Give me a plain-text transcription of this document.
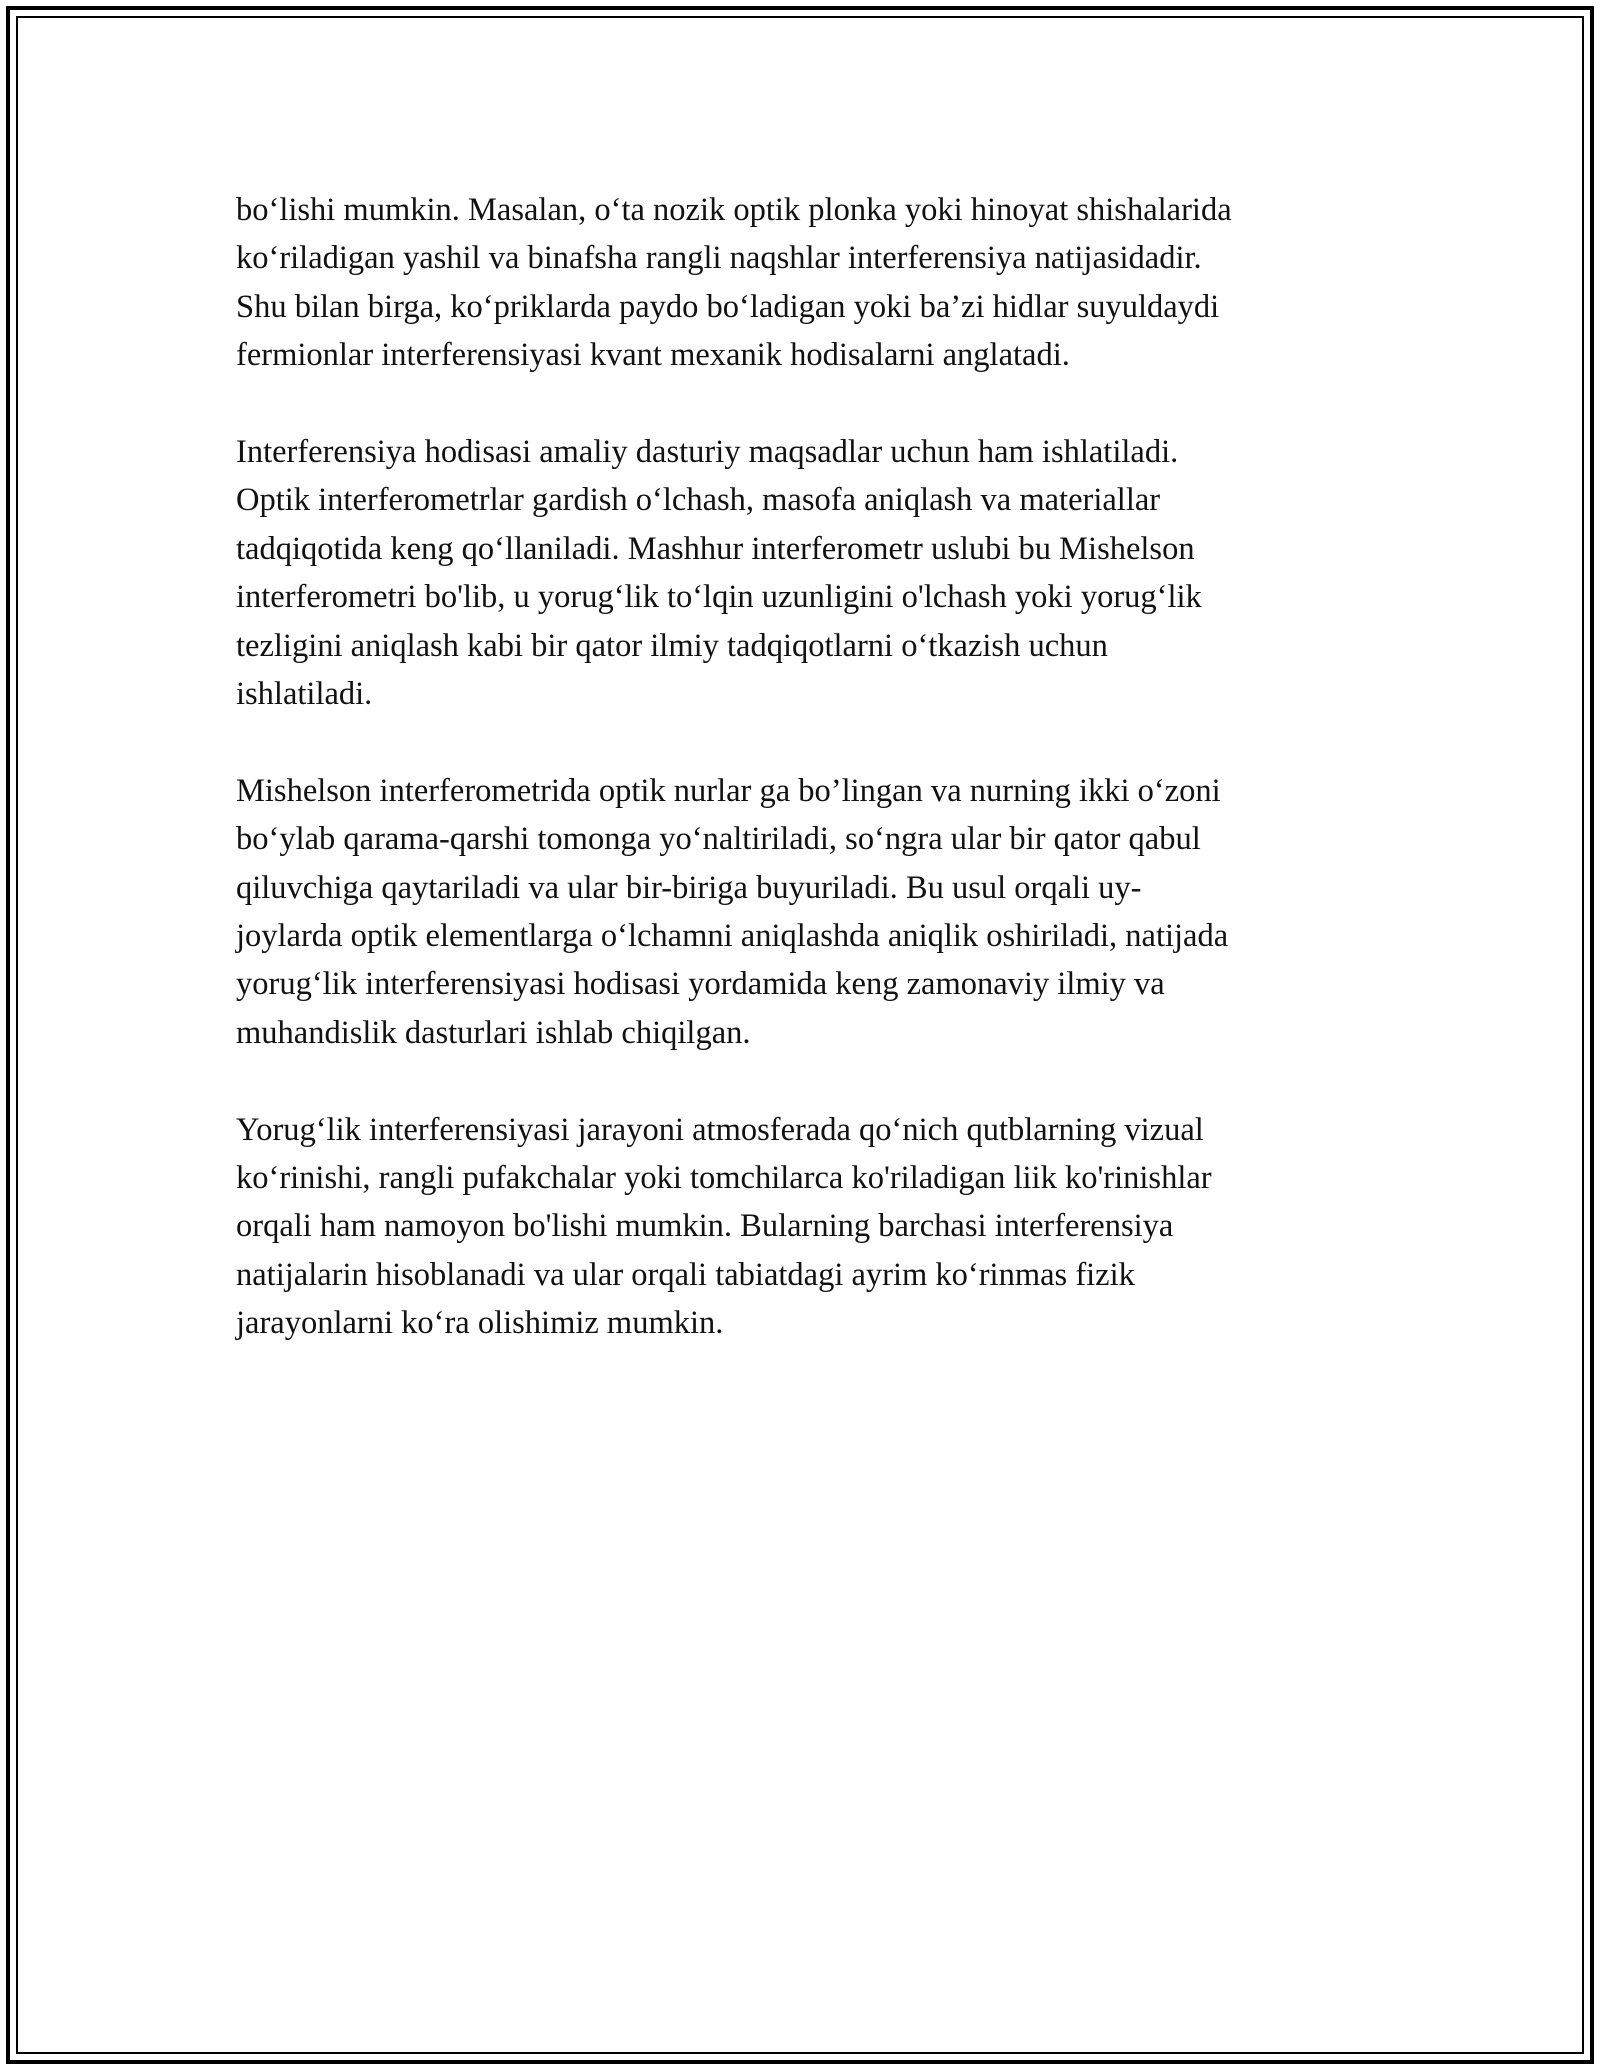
bo‘lishi mumkin. Masalan, o‘ta nozik optik plonka yoki hinoyat shishalarida
ko‘riladigan yashil va binafsha rangli naqshlar interferensiya natijasidadir.
Shu bilan birga, ko‘priklarda paydo bo‘ladigan yoki ba’zi hidlar suyuldaydi
fermionlar interferensiyasi kvant mexanik hodisalarni anglatadi.
Interferensiya hodisasi amaliy dasturiy maqsadlar uchun ham ishlatiladi.
Optik interferometrlar gardish o‘lchash, masofa aniqlash va materiallar
tadqiqotida keng qo‘llaniladi. Mashhur interferometr uslubi bu Mishelson
interferometri bo'lib, u yorug‘lik to‘lqin uzunligini o'lchash yoki yorug‘lik
tezligini aniqlash kabi bir qator ilmiy tadqiqotlarni o‘tkazish uchun
ishlatiladi.
Mishelson interferometrida optik nurlar ga bo’lingan va nurning ikki o‘zoni
bo‘ylab qarama-qarshi tomonga yo‘naltiriladi, so‘ngra ular bir qator qabul
qiluvchiga qaytariladi va ular bir-biriga buyuriladi. Bu usul orqali uy-
joylarda optik elementlarga o‘lchamni aniqlashda aniqlik oshiriladi, natijada
yorug‘lik interferensiyasi hodisasi yordamida keng zamonaviy ilmiy va
muhandislik dasturlari ishlab chiqilgan.
Yorug‘lik interferensiyasi jarayoni atmosferada qo‘nich qutblarning vizual
ko‘rinishi, rangli pufakchalar yoki tomchilarca ko'riladigan liik ko'rinishlar
orqali ham namoyon bo'lishi mumkin. Bularning barchasi interferensiya
natijalarin hisoblanadi va ular orqali tabiatdagi ayrim ko‘rinmas fizik
jarayonlarni ko‘ra olishimiz mumkin.
